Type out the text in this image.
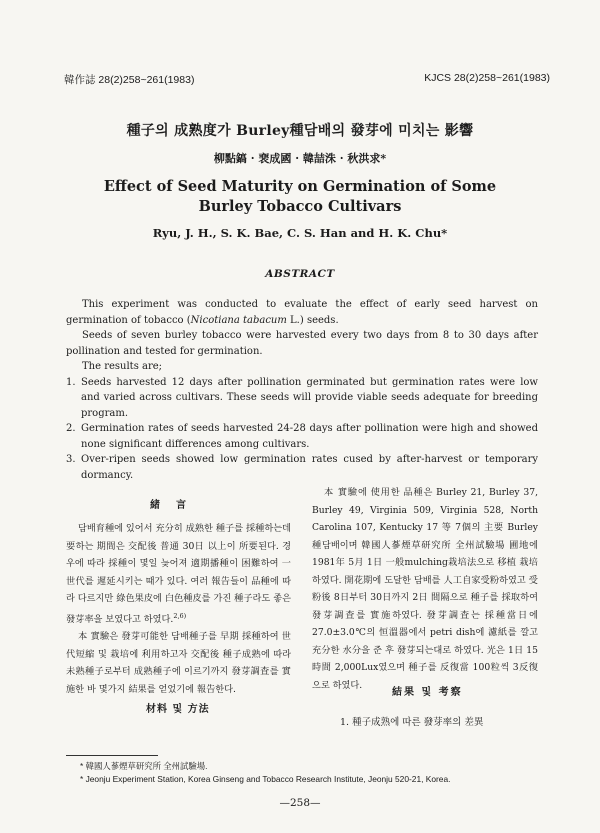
韓作誌 28(2)258~261(1983)	KJCS 28(2)258~261(1983)
種子의 成熟度가 Burley種담배의 發芽에 미치는 影響
柳點鎬 · 裵成國 · 韓喆洙 · 秋洪求*
Effect of Seed Maturity on Germination of Some
Burley Tobacco Cultivars
Ryu, J. H., S. K. Bae, C. S. Han and H. K. Chu*
ABSTRACT

This experiment was conducted to evaluate the effect of early seed harvest on germination of tobacco (Nicotiana tabacum L.) seeds.

Seeds of seven burley tobacco were harvested every two days from 8 to 30 days after pollination and tested for germination.

The results are;

1. Seeds harvested 12 days after pollination germinated but germination rates were low and varied across cultivars. These seeds will provide viable seeds adequate for breeding program.
2. Germination rates of seeds harvested 24-28 days after pollination were high and showed none significant differences among cultivars.
3. Over-ripen seeds showed low germination rates cused by after-harvest or temporary dormancy.
緒　言

담배育種에 있어서 充分히 成熟한 種子를 採種하는데 要하는 期間은 交配後 普通 30日 以上이 所要된다. 경우에 따라 採種이 몇일 늦어져 適期播種이 困難하여 一世代를 遲延시키는 때가 있다. 여러 報告들이 品種에 따라 다르지만 綠色果皮에 白色種皮를 가진 種子라도 좋은 發芽率을 보였다고 하였다.$^{2,6)}$

本 實驗은 發芽可能한 담배種子를 早期 採種하여 世代短縮 및 栽培에 利用하고자 交配後 種子成熟에 따라 未熟種子로부터 成熟種子에 이르기까지 發芽調査를 實施한 바 몇가지 結果를 얻었기에 報告한다.

材料 및 方法

本 實驗에 使用한 品種은 Burley 21, Burley 37, Burley 49, Virginia 509, Virginia 528, North Carolina 107, Kentucky 17 等 7個의 主要 Burley 種담배이며 韓國人蔘煙草研究所 全州試驗場 圃地에 1981年 5月 1日 一般mulching栽培法으로 移植 栽培하였다. 開花期에 도달한 담배를 人工自家受粉하였고 受粉後 8日부터 30日까지 2日 間隔으로 種子를 採取하여 發芽調査를 實施하였다. 發芽調査는 採種當日에 27.0±3.0℃의 恒溫器에서 petri dish에 濾紙를 깔고 充分한 水分을 준 후 發芽되는대로 하였다. 光은 1日 15時間 2,000Lux였으며 種子를 反復當 100粒씩 3反復으로 하였다.

結果 및 考察
1. 種子成熟에 따른 發芽率의 差異
* 韓國人蔘煙草研究所 全州試驗場.
* Jeonju Experiment Station, Korea Ginseng and Tobacco Research Institute, Jeonju 520-21, Korea.
—258—
